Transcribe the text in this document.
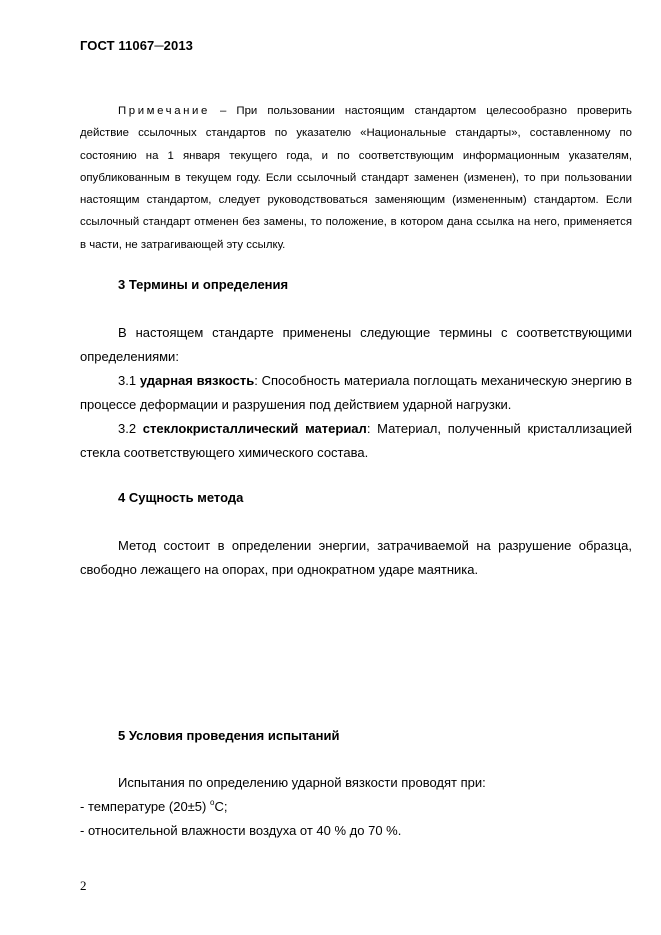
ГОСТ 11067─2013

Примечание – При пользовании настоящим стандартом целесообразно проверить действие ссылочных стандартов по указателю «Национальные стандарты», составленному по состоянию на 1 января текущего года, и по соответствующим информационным указателям, опубликованным в текущем году. Если ссылочный стандарт заменен (изменен), то при пользовании настоящим стандартом, следует руководствоваться заменяющим (измененным) стандартом. Если ссылочный стандарт отменен без замены, то положение, в котором дана ссылка на него, применяется в части, не затрагивающей эту ссылку.

3 Термины и определения

В настоящем стандарте применены следующие термины с соответствующими определениями:

3.1 ударная вязкость: Способность материала поглощать механическую энергию в процессе деформации и разрушения под действием ударной нагрузки.

3.2 стеклокристаллический материал: Материал, полученный кристаллизацией стекла соответствующего химического состава.

4 Сущность метода

Метод состоит в определении энергии, затрачиваемой на разрушение образца, свободно лежащего на опорах, при однократном ударе маятника.

5 Условия проведения испытаний

Испытания по определению ударной вязкости проводят при:

- температуре (20±5) $^o$C;

- относительной влажности воздуха от 40 % до 70 %.

2
